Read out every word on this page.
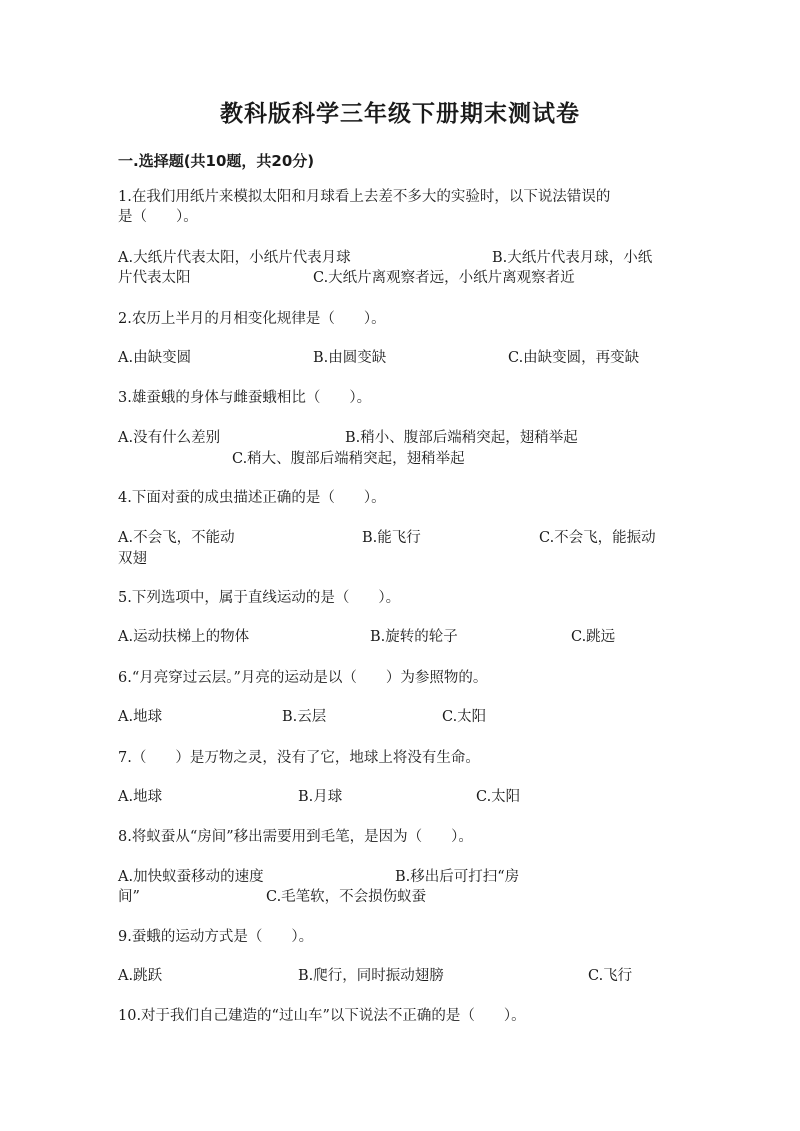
教科版科学三年级下册期末测试卷
一.选择题(共10题，共20分)
1.在我们用纸片来模拟太阳和月球看上去差不多大的实验时，以下说法错误的
是（　　）。
A.大纸片代表太阳，小纸片代表月球	B.大纸片代表月球，小纸
片代表太阳	C.大纸片离观察者远，小纸片离观察者近
2.农历上半月的月相变化规律是（　　）。
A.由缺变圆	B.由圆变缺	C.由缺变圆，再变缺
3.雄蚕蛾的身体与雌蚕蛾相比（　　）。
A.没有什么差别	B.稍小、腹部后端稍突起，翅稍举起
C.稍大、腹部后端稍突起，翅稍举起
4.下面对蚕的成虫描述正确的是（　　）。
A.不会飞，不能动	B.能飞行	C.不会飞，能振动
双翅
5.下列选项中，属于直线运动的是（　　）。
A.运动扶梯上的物体	B.旋转的轮子	C.跳远
6.“月亮穿过云层。”月亮的运动是以（　　）为参照物的。
A.地球	B.云层	C.太阳
7.（　　）是万物之灵，没有了它，地球上将没有生命。
A.地球	B.月球	C.太阳
8.将蚁蚕从“房间”移出需要用到毛笔，是因为（　　）。
A.加快蚁蚕移动的速度	B.移出后可打扫“房
间”	C.毛笔软，不会损伤蚁蚕
9.蚕蛾的运动方式是（　　）。
A.跳跃	B.爬行，同时振动翅膀	C.飞行
10.对于我们自己建造的“过山车”以下说法不正确的是（　　）。
